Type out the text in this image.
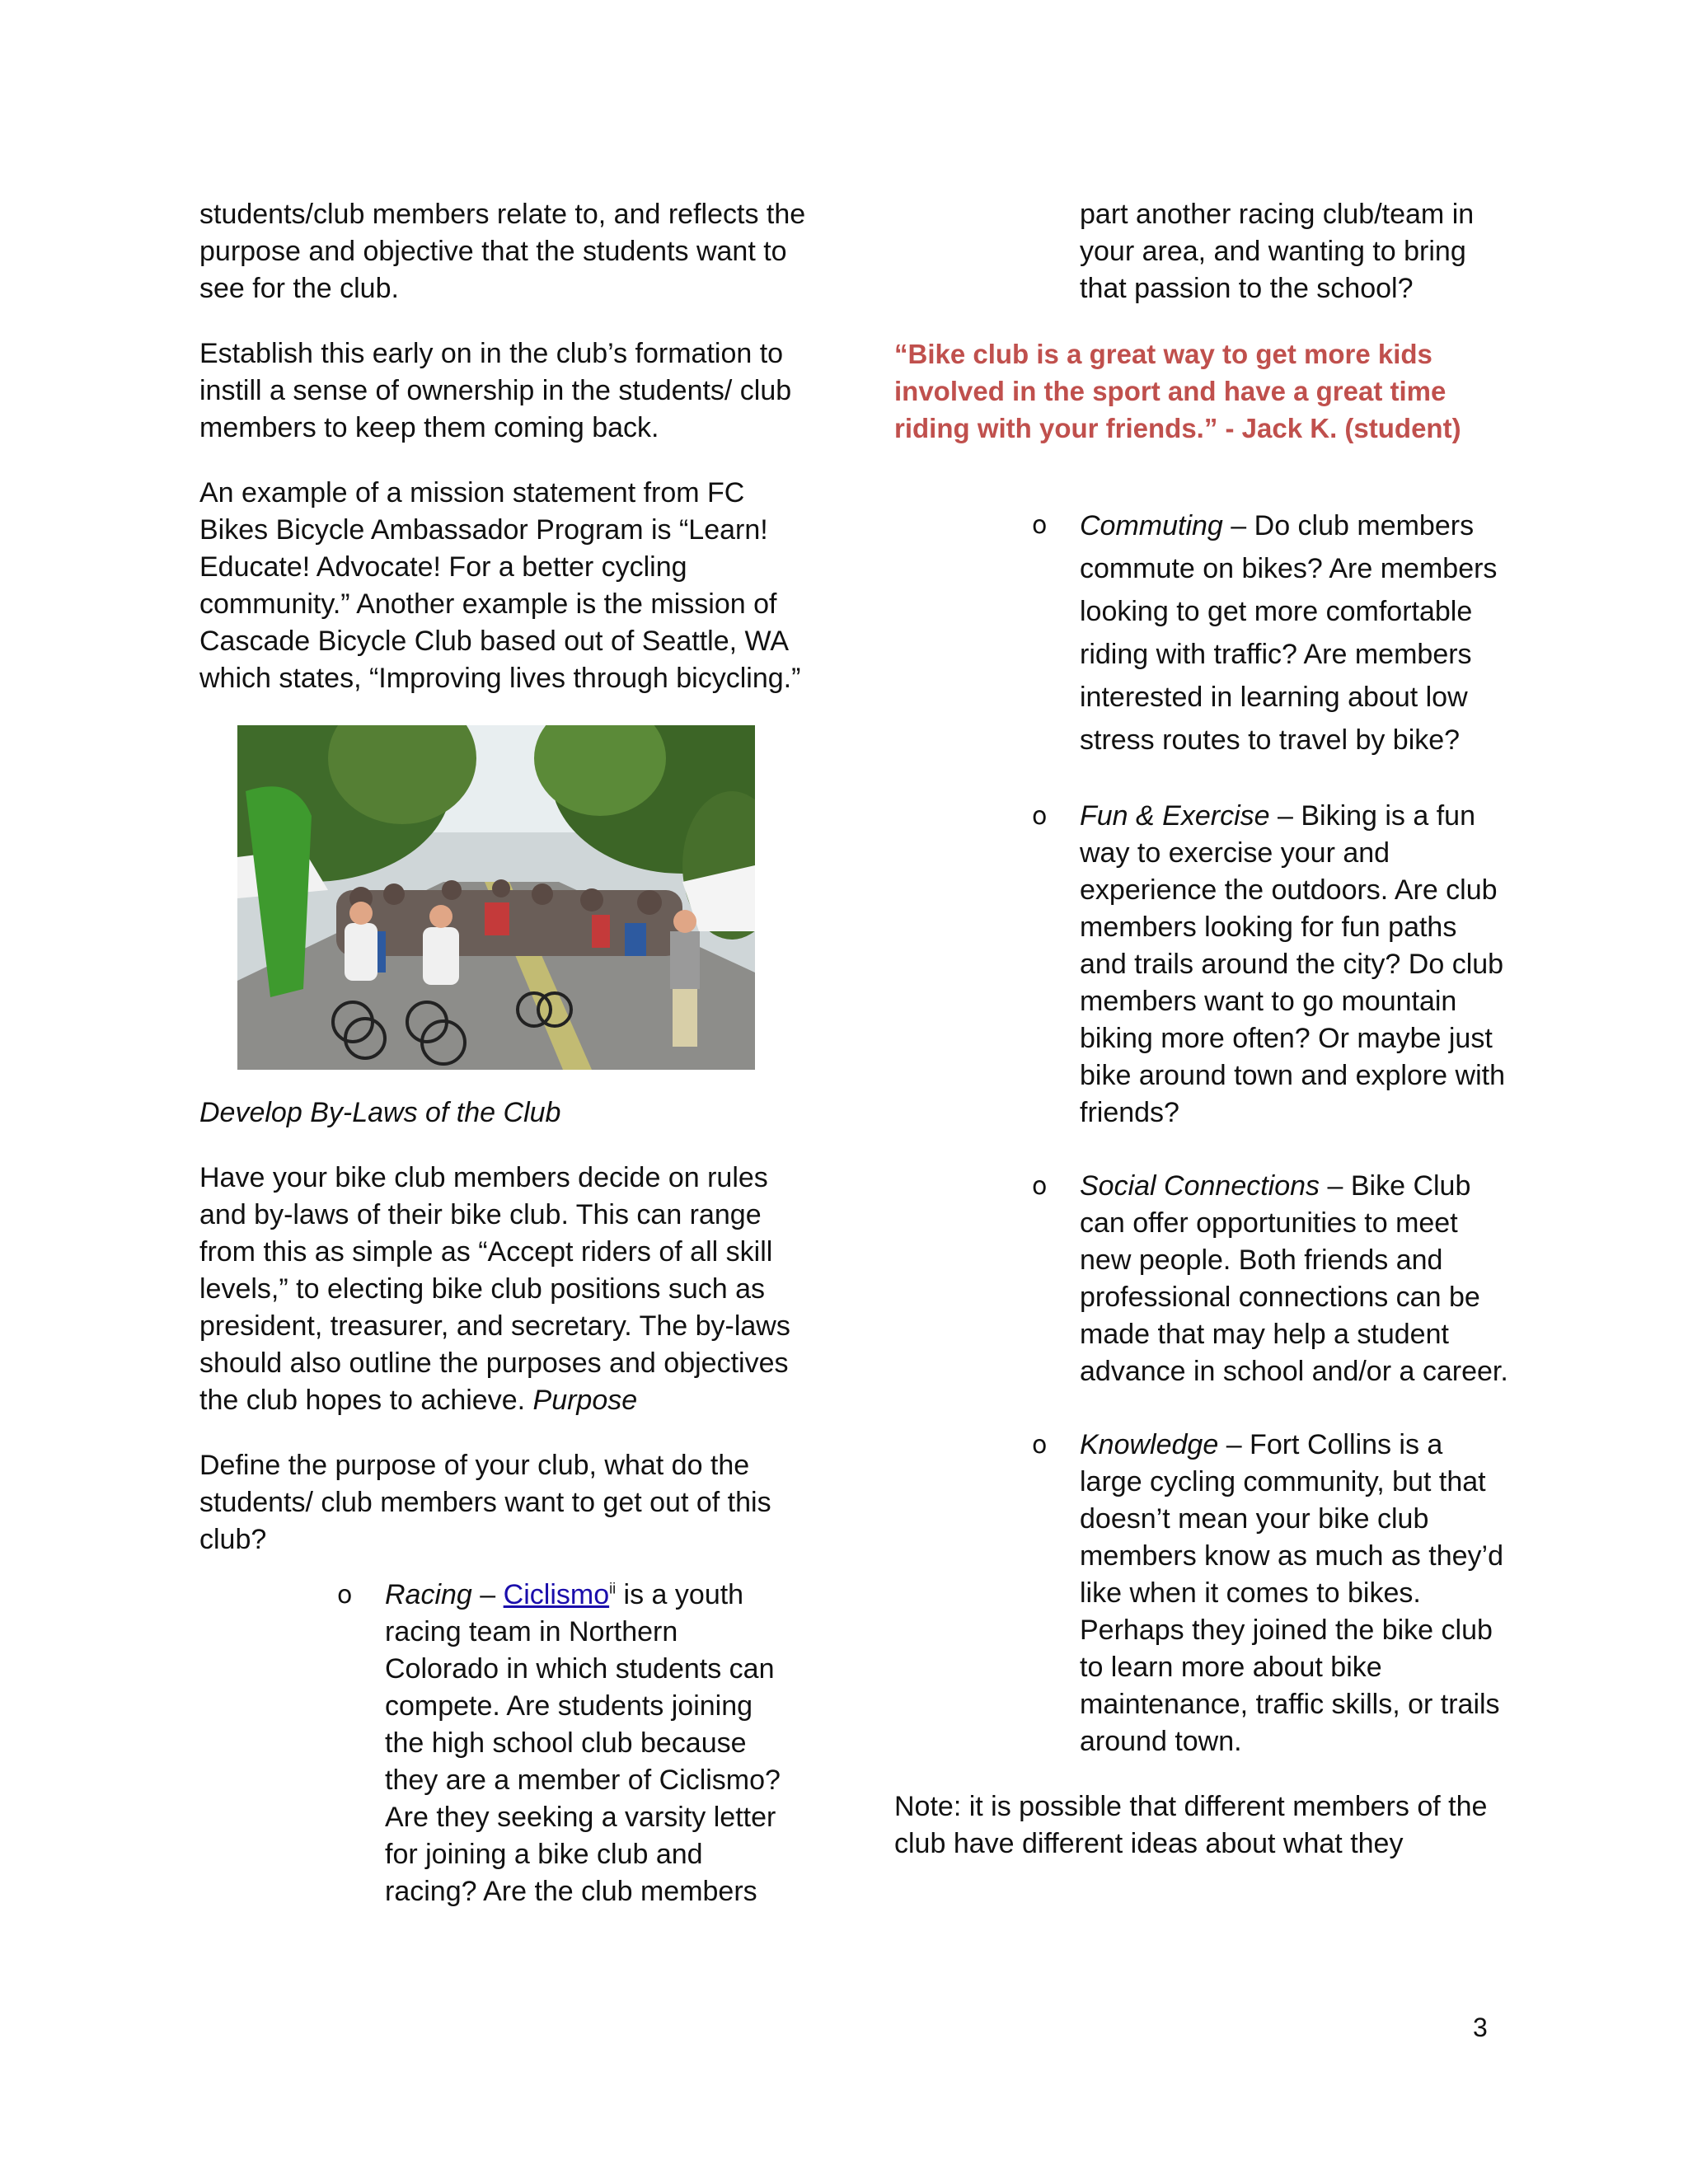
students/club members relate to, and reflects the purpose and objective that the students want to see for the club.

Establish this early on in the club’s formation to instill a sense of ownership in the students/ club members to keep them coming back.

An example of a mission statement from FC Bikes Bicycle Ambassador Program is “Learn! Educate! Advocate! For a better cycling community.” Another example is the mission of Cascade Bicycle Club based out of Seattle, WA which states, “Improving lives through bicycling.”

Develop By-Laws of the Club

Have your bike club members decide on rules and by-laws of their bike club. This can range from this as simple as “Accept riders of all skill levels,” to electing bike club positions such as president, treasurer, and secretary. The by-laws should also outline the purposes and objectives the club hopes to achieve. Purpose

Define the purpose of your club, what do the students/ club members want to get out of this club?

o Racing – Ciclismo$^{ii}$ is a youth racing team in Northern Colorado in which students can compete. Are students joining the high school club because they are a member of Ciclismo? Are they seeking a varsity letter for joining a bike club and racing? Are the club members

part another racing club/team in your area, and wanting to bring that passion to the school?

“Bike club is a great way to get more kids involved in the sport and have a great time riding with your friends.” - Jack K. (student)

o Commuting – Do club members commute on bikes? Are members looking to get more comfortable riding with traffic? Are members interested in learning about low stress routes to travel by bike?
o Fun & Exercise – Biking is a fun way to exercise your and experience the outdoors. Are club members looking for fun paths and trails around the city? Do club members want to go mountain biking more often? Or maybe just bike around town and explore with friends?
o Social Connections – Bike Club can offer opportunities to meet new people. Both friends and professional connections can be made that may help a student advance in school and/or a career.
o Knowledge – Fort Collins is a large cycling community, but that doesn’t mean your bike club members know as much as they’d like when it comes to bikes. Perhaps they joined the bike club to learn more about bike maintenance, traffic skills, or trails around town.

Note: it is possible that different members of the club have different ideas about what they

3
